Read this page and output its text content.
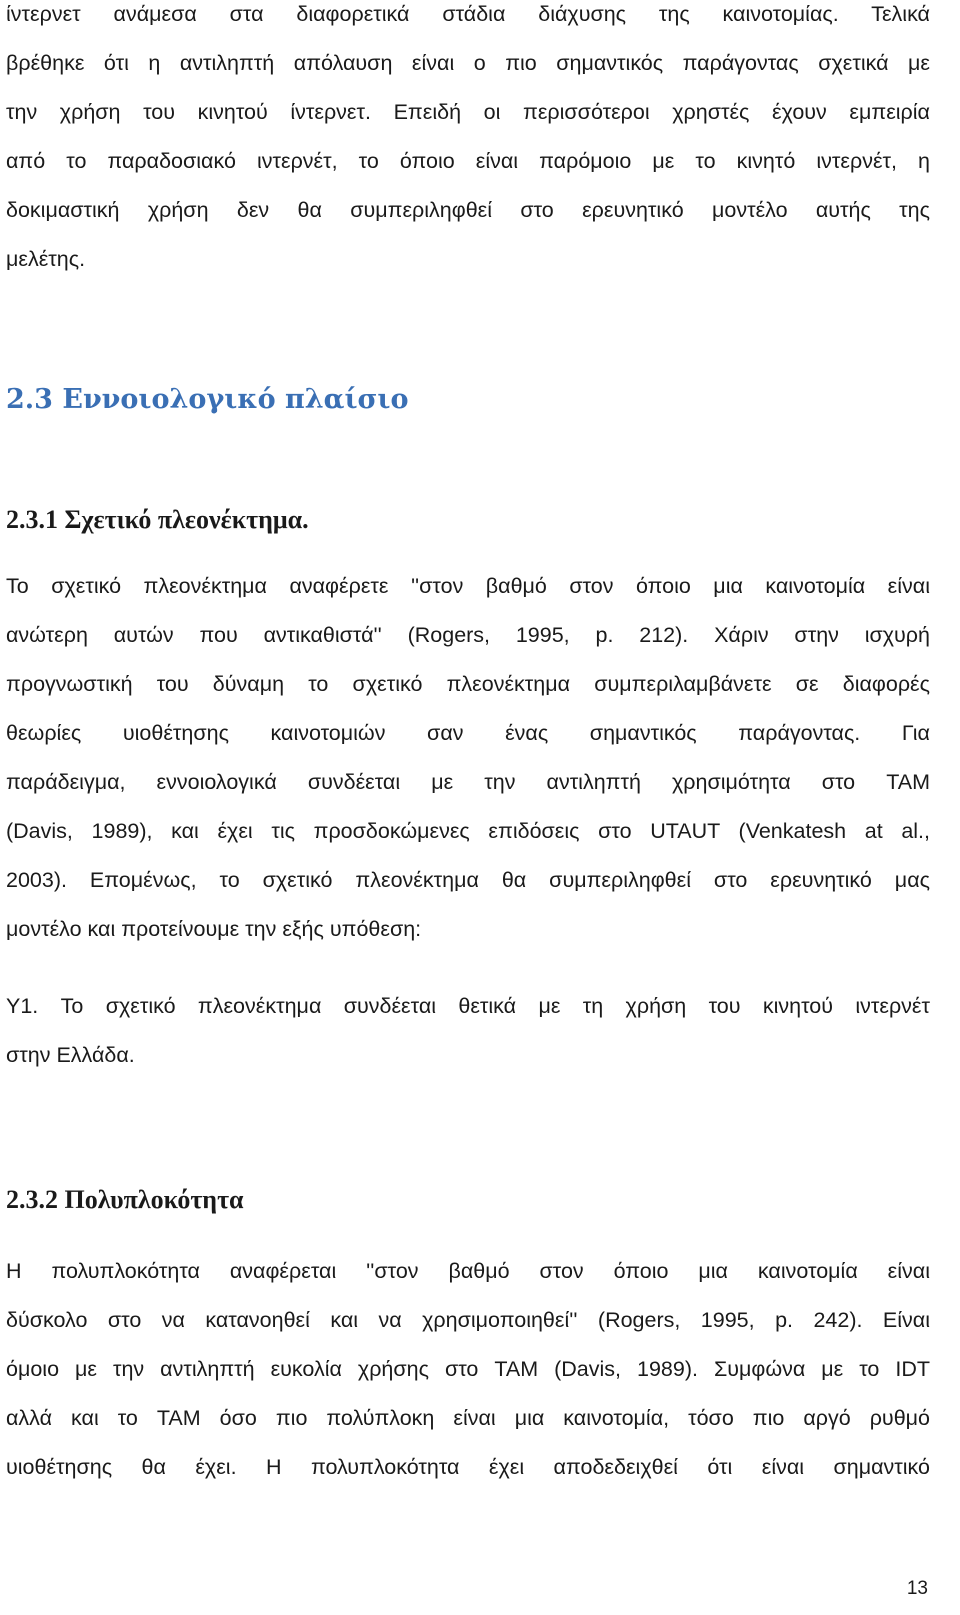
ίντερνετ ανάμεσα στα διαφορετικά στάδια διάχυσης της καινοτομίας. Τελικά
βρέθηκε ότι η αντιληπτή απόλαυση είναι ο πιο σημαντικός παράγοντας σχετικά με
την χρήση του κινητού ίντερνετ. Επειδή οι περισσότεροι χρηστές έχουν εμπειρία
από το παραδοσιακό ιντερνέτ, το όποιο είναι παρόμοιο με το κινητό ιντερνέτ, η
δοκιμαστική χρήση δεν θα συμπεριληφθεί στο ερευνητικό μοντέλο αυτής της
μελέτης.
2.3 Εννοιολογικό πλαίσιο
2.3.1 Σχετικό πλεονέκτημα.
Το σχετικό πλεονέκτημα αναφέρετε ''στον βαθμό στον όποιο μια καινοτομία είναι
ανώτερη αυτών που αντικαθιστά'' (Rogers, 1995, p. 212). Χάριν στην ισχυρή
προγνωστική του δύναμη το σχετικό πλεονέκτημα συμπεριλαμβάνετε σε διαφορές
θεωρίες υιοθέτησης καινοτομιών σαν ένας σημαντικός παράγοντας. Για
παράδειγμα, εννοιολογικά συνδέεται με την αντιληπτή χρησιμότητα στο TAM
(Davis, 1989), και έχει τις προσδοκώμενες επιδόσεις στο UTAUT (Venkatesh at al.,
2003). Επομένως, το σχετικό πλεονέκτημα θα συμπεριληφθεί στο ερευνητικό μας
μοντέλο και προτείνουμε την εξής υπόθεση:
Y1. Το σχετικό πλεονέκτημα συνδέεται θετικά με τη χρήση του κινητού ιντερνέτ
στην Ελλάδα.
2.3.2 Πολυπλοκότητα
Η πολυπλοκότητα αναφέρεται ''στον βαθμό στον όποιο μια καινοτομία είναι
δύσκολο στο να κατανοηθεί και να χρησιμοποιηθεί'' (Rogers, 1995, p. 242). Είναι
όμοιο με την αντιληπτή ευκολία χρήσης στο TAM (Davis, 1989). Συμφώνα με το IDT
αλλά και το TAM όσο πιο πολύπλοκη είναι μια καινοτομία, τόσο πιο αργό ρυθμό
υιοθέτησης θα έχει. Η πολυπλοκότητα έχει αποδεδειχθεί ότι είναι σημαντικό
13
